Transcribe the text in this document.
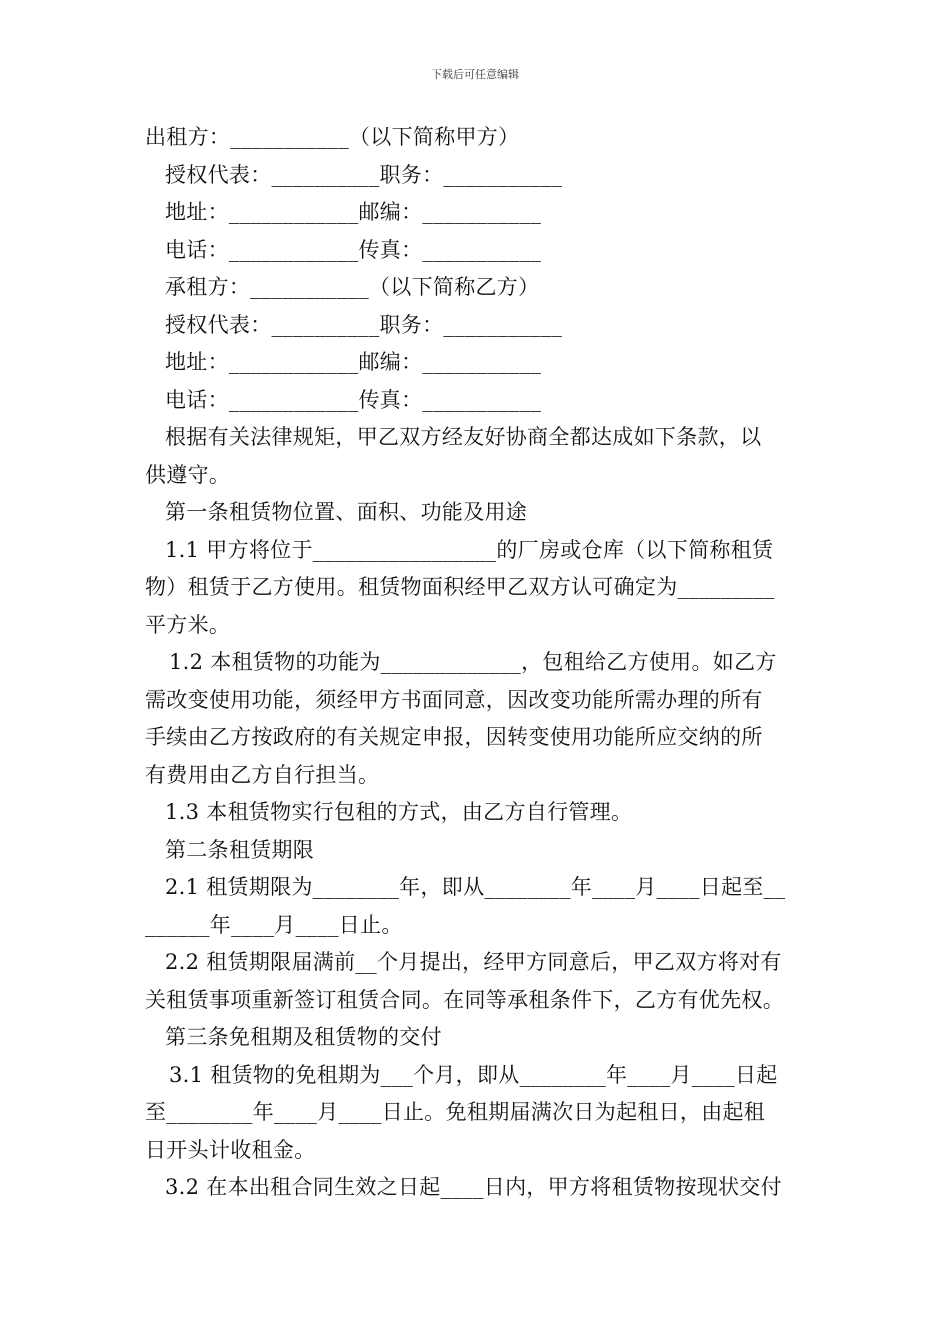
下载后可任意编辑

出租方：___________（以下简称甲方）

授权代表：__________职务：___________

地址：____________邮编：___________

电话：____________传真：___________

承租方：___________（以下简称乙方）

授权代表：__________职务：___________

地址：____________邮编：___________

电话：____________传真：___________

根据有关法律规矩，甲乙双方经友好协商全都达成如下条款，以

供遵守。

第一条租赁物位置、面积、功能及用途

1.1 甲方将位于_________________的厂房或仓库（以下简称租赁

物）租赁于乙方使用。租赁物面积经甲乙双方认可确定为_________

平方米。

1.2 本租赁物的功能为_____________，包租给乙方使用。如乙方

需改变使用功能，须经甲方书面同意，因改变功能所需办理的所有

手续由乙方按政府的有关规定申报，因转变使用功能所应交纳的所

有费用由乙方自行担当。

1.3 本租赁物实行包租的方式，由乙方自行管理。

第二条租赁期限

2.1 租赁期限为________年，即从________年____月____日起至__

______年____月____日止。

2.2 租赁期限届满前__个月提出，经甲方同意后，甲乙双方将对有

关租赁事项重新签订租赁合同。在同等承租条件下，乙方有优先权。

第三条免租期及租赁物的交付

3.1 租赁物的免租期为___个月，即从________年____月____日起

至________年____月____日止。免租期届满次日为起租日，由起租

日开头计收租金。

3.2 在本出租合同生效之日起____日内，甲方将租赁物按现状交付
